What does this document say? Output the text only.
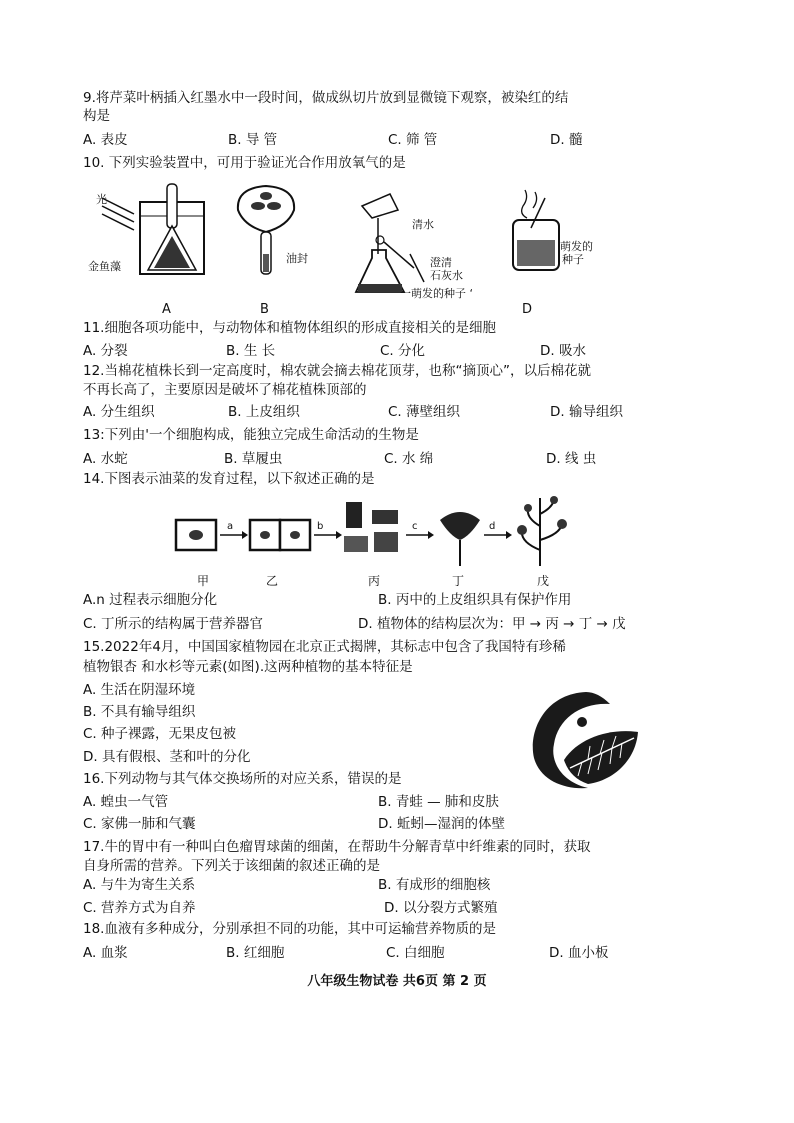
9.将芹菜叶柄插入红墨水中一段时间，做成纵切片放到显微镜下观察，被染红的结
构是
A. 表皮	B. 导 管	C. 筛 管	D. 髓
10. 下列实验装置中，可用于验证光合作用放氧气的是
光
金鱼藻
A
油封
B
清水
澄清
石灰水
一萌发的种子 ‘
萌发的
种子
D
11.细胞各项功能中，与动物体和植物体组织的形成直接相关的是细胞
A. 分裂	B. 生 长	C. 分化	D. 吸水
12.当棉花植株长到一定高度时，棉农就会摘去棉花顶芽，也称“摘顶心”，以后棉花就
不再长高了，主要原因是破坏了棉花植株顶部的
A. 分生组织	B. 上皮组织	C. 薄壁组织	D. 输导组织
13:下列由'一个细胞构成，能独立完成生命活动的生物是
A. 水蛇	B. 草履虫	C. 水 绵	D. 线 虫
14.下图表示油菜的发育过程，以下叙述正确的是
a	b	c	d
甲	乙	丙	丁	戊
A.n 过程表示细胞分化	B. 丙中的上皮组织具有保护作用
C. 丁所示的结构属于营养器官	D. 植物体的结构层次为：甲 → 丙 → 丁 → 戊
15.2022年4月，中国国家植物园在北京正式揭牌，其标志中包含了我国特有珍稀
植物银杏 和水杉等元素(如图).这两种植物的基本特征是
A. 生活在阴湿环境
B. 不具有输导组织
C. 种子裸露，无果皮包被
D. 具有假根、茎和叶的分化
16.下列动物与其气体交换场所的对应关系，错误的是
A. 蝗虫一气管	B. 青蛙 — 肺和皮肤
C. 家佛一肺和气囊	D. 蚯蚓—湿润的体壁
17.牛的胃中有一种叫白色瘤胃球菌的细菌，在帮助牛分解青草中纤维素的同时，获取
自身所需的营养。下列关于该细菌的叙述正确的是
A. 与牛为寄生关系	B. 有成形的细胞核
C. 营养方式为自养	D. 以分裂方式繁殖
18.血液有多种成分，分别承担不同的功能，其中可运输营养物质的是
A. 血浆	B. 红细胞	C. 白细胞	D. 血小板
八年级生物试卷 共6页 第 2 页
